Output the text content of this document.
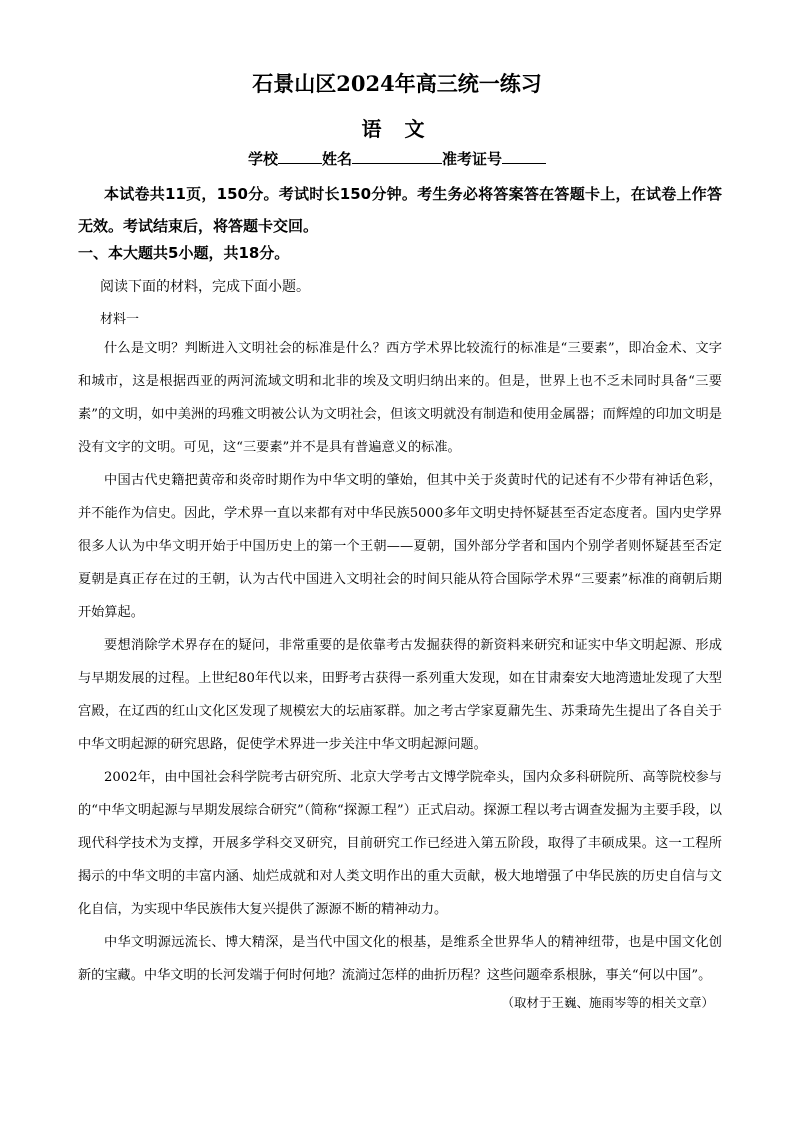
石景山区2024年高三统一练习
语 文
学校	姓名	准考证号
本试卷共11页，150分。考试时长150分钟。考生务必将答案答在答题卡上，在试卷上作答无效。考试结束后，将答题卡交回。
一、本大题共5小题，共18分。
阅读下面的材料，完成下面小题。
材料一

什么是文明？判断进入文明社会的标准是什么？西方学术界比较流行的标准是“三要素”，即冶金术、文字和城市，这是根据西亚的两河流域文明和北非的埃及文明归纳出来的。但是，世界上也不乏未同时具备“三要素”的文明，如中美洲的玛雅文明被公认为文明社会，但该文明就没有制造和使用金属器；而辉煌的印加文明是没有文字的文明。可见，这“三要素”并不是具有普遍意义的标准。

中国古代史籍把黄帝和炎帝时期作为中华文明的肇始，但其中关于炎黄时代的记述有不少带有神话色彩，并不能作为信史。因此，学术界一直以来都有对中华民族5000多年文明史持怀疑甚至否定态度者。国内史学界很多人认为中华文明开始于中国历史上的第一个王朝——夏朝，国外部分学者和国内个别学者则怀疑甚至否定夏朝是真正存在过的王朝，认为古代中国进入文明社会的时间只能从符合国际学术界“三要素”标准的商朝后期开始算起。

要想消除学术界存在的疑问，非常重要的是依靠考古发掘获得的新资料来研究和证实中华文明起源、形成与早期发展的过程。上世纪80年代以来，田野考古获得一系列重大发现，如在甘肃秦安大地湾遗址发现了大型宫殿，在辽西的红山文化区发现了规模宏大的坛庙冢群。加之考古学家夏鼐先生、苏秉琦先生提出了各自关于中华文明起源的研究思路，促使学术界进一步关注中华文明起源问题。

2002年，由中国社会科学院考古研究所、北京大学考古文博学院牵头，国内众多科研院所、高等院校参与的“中华文明起源与早期发展综合研究”（简称“探源工程”）正式启动。探源工程以考古调查发掘为主要手段，以现代科学技术为支撑，开展多学科交叉研究，目前研究工作已经进入第五阶段，取得了丰硕成果。这一工程所揭示的中华文明的丰富内涵、灿烂成就和对人类文明作出的重大贡献，极大地增强了中华民族的历史自信与文化自信，为实现中华民族伟大复兴提供了源源不断的精神动力。

中华文明源远流长、博大精深，是当代中国文化的根基，是维系全世界华人的精神纽带，也是中国文化创新的宝藏。中华文明的长河发端于何时何地？流淌过怎样的曲折历程？这些问题牵系根脉，事关“何以中国”。

（取材于王巍、施雨岑等的相关文章）
